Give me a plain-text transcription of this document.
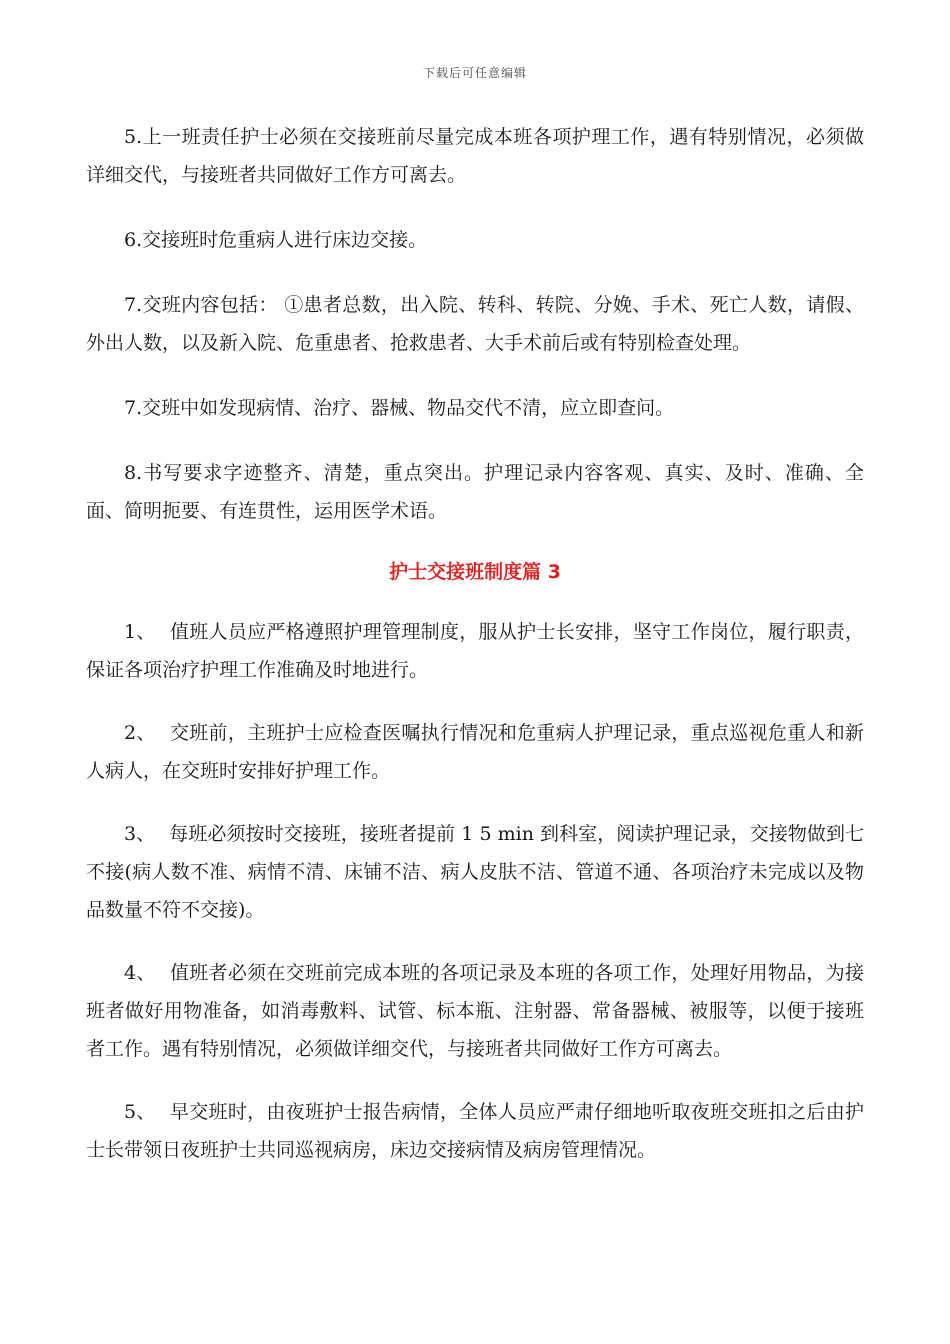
下载后可任意编辑

5.上一班责任护士必须在交接班前尽量完成本班各项护理工作，遇有特别情况，必须做详细交代，与接班者共同做好工作方可离去。

6.交接班时危重病人进行床边交接。

7.交班内容包括： ①患者总数，出入院、转科、转院、分娩、手术、死亡人数，请假、外出人数，以及新入院、危重患者、抢救患者、大手术前后或有特别检查处理。

7.交班中如发现病情、治疗、器械、物品交代不清，应立即查问。

8.书写要求字迹整齐、清楚，重点突出。护理记录内容客观、真实、及时、准确、全面、简明扼要、有连贯性，运用医学术语。

护士交接班制度篇 3

1、 值班人员应严格遵照护理管理制度，服从护士长安排，坚守工作岗位，履行职责，保证各项治疗护理工作准确及时地进行。

2、 交班前，主班护士应检查医嘱执行情况和危重病人护理记录，重点巡视危重人和新人病人，在交班时安排好护理工作。

3、 每班必须按时交接班，接班者提前 1 5 min 到科室，阅读护理记录，交接物做到七不接(病人数不准、病情不清、床铺不洁、病人皮肤不洁、管道不通、各项治疗未完成以及物品数量不符不交接)。

4、 值班者必须在交班前完成本班的各项记录及本班的各项工作，处理好用物品，为接班者做好用物准备，如消毒敷料、试管、标本瓶、注射器、常备器械、被服等，以便于接班者工作。遇有特别情况，必须做详细交代，与接班者共同做好工作方可离去。

5、 早交班时，由夜班护士报告病情，全体人员应严肃仔细地听取夜班交班扣之后由护士长带领日夜班护士共同巡视病房，床边交接病情及病房管理情况。
